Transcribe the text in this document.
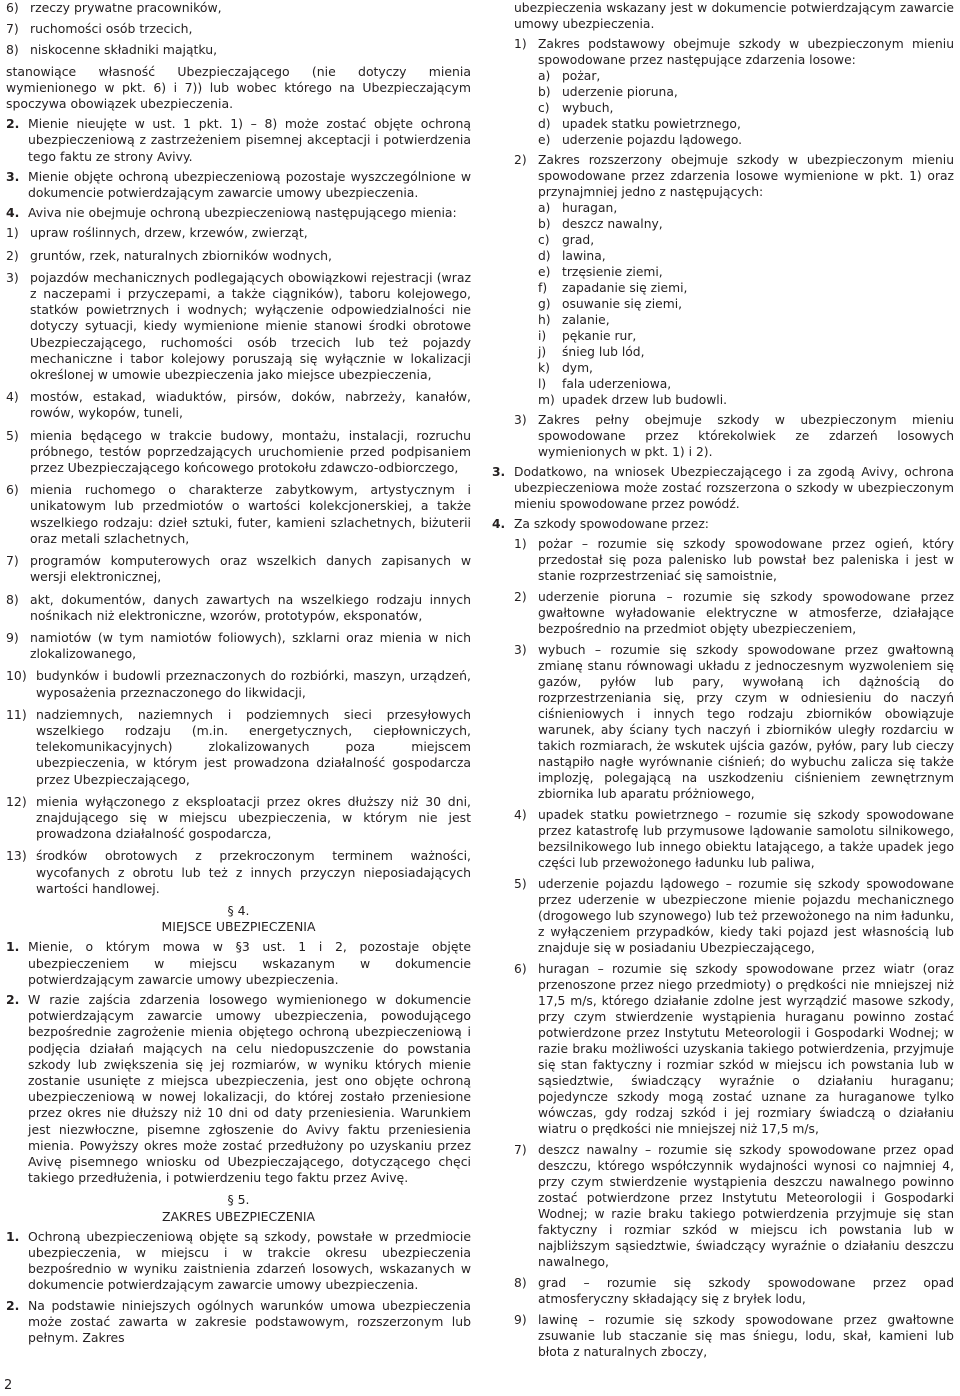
6) rzeczy prywatne pracowników,
7) ruchomości osób trzecich,
8) niskocenne składniki majątku,

stanowiące własność Ubezpieczającego (nie dotyczy mienia wymienionego w pkt. 6) i 7)) lub wobec którego na Ubezpieczającym spoczywa obowiązek ubezpieczenia.

2. Mienie nieujęte w ust. 1 pkt. 1) – 8) może zostać objęte ochroną ubezpieczeniową z zastrzeżeniem pisemnej akceptacji i potwierdzenia tego faktu ze strony Avivy.
3. Mienie objęte ochroną ubezpieczeniową pozostaje wyszczególnione w dokumencie potwierdzającym zawarcie umowy ubezpieczenia.
4. Aviva nie obejmuje ochroną ubezpieczeniową następującego mienia:
1) upraw roślinnych, drzew, krzewów, zwierząt,
2) gruntów, rzek, naturalnych zbiorników wodnych,
3) pojazdów mechanicznych podlegających obowiązkowi rejestracji (wraz z naczepami i przyczepami, a także ciągników), taboru kolejowego, statków powietrznych i wodnych; wyłączenie odpowiedzialności nie dotyczy sytuacji, kiedy wymienione mienie stanowi środki obrotowe Ubezpieczającego, ruchomości osób trzecich lub też pojazdy mechaniczne i tabor kolejowy poruszają się wyłącznie w lokalizacji określonej w umowie ubezpieczenia jako miejsce ubezpieczenia,
4) mostów, estakad, wiaduktów, pirsów, doków, nabrzeży, kanałów, rowów, wykopów, tuneli,
5) mienia będącego w trakcie budowy, montażu, instalacji, rozruchu próbnego, testów poprzedzających uruchomienie przed podpisaniem przez Ubezpieczającego końcowego protokołu zdawczo-odbiorczego,
6) mienia ruchomego o charakterze zabytkowym, artystycznym i unikatowym lub przedmiotów o wartości kolekcjonerskiej, a także wszelkiego rodzaju: dzieł sztuki, futer, kamieni szlachetnych, biżuterii oraz metali szlachetnych,
7) programów komputerowych oraz wszelkich danych zapisanych w wersji elektronicznej,
8) akt, dokumentów, danych zawartych na wszelkiego rodzaju innych nośnikach niż elektroniczne, wzorów, prototypów, eksponatów,
9) namiotów (w tym namiotów foliowych), szklarni oraz mienia w nich zlokalizowanego,
10) budynków i budowli przeznaczonych do rozbiórki, maszyn, urządzeń, wyposażenia przeznaczonego do likwidacji,
11) nadziemnych, naziemnych i podziemnych sieci przesyłowych wszelkiego rodzaju (m.in. energetycznych, ciepłowniczych, telekomunikacyjnych) zlokalizowanych poza miejscem ubezpieczenia, w którym jest prowadzona działalność gospodarcza przez Ubezpieczającego,
12) mienia wyłączonego z eksploatacji przez okres dłuższy niż 30 dni, znajdującego się w miejscu ubezpieczenia, w którym nie jest prowadzona działalność gospodarcza,
13) środków obrotowych z przekroczonym terminem ważności, wycofanych z obrotu lub też z innych przyczyn nieposiadających wartości handlowej.
§ 4.
MIEJSCE UBEZPIECZENIA
1. Mienie, o którym mowa w §3 ust. 1 i 2, pozostaje objęte ubezpieczeniem w miejscu wskazanym w dokumencie potwierdzającym zawarcie umowy ubezpieczenia.
2. W razie zajścia zdarzenia losowego wymienionego w dokumencie potwierdzającym zawarcie umowy ubezpieczenia, powodującego bezpośrednie zagrożenie mienia objętego ochroną ubezpieczeniową i podjęcia działań mających na celu niedopuszczenie do powstania szkody lub zwiększenia się jej rozmiarów, w wyniku których mienie zostanie usunięte z miejsca ubezpieczenia, jest ono objęte ochroną ubezpieczeniową w nowej lokalizacji, do której zostało przeniesione przez okres nie dłuższy niż 10 dni od daty przeniesienia. Warunkiem jest niezwłoczne, pisemne zgłoszenie do Avivy faktu przeniesienia mienia. Powyższy okres może zostać przedłużony po uzyskaniu przez Avivę pisemnego wniosku od Ubezpieczającego, dotyczącego chęci takiego przedłużenia, i potwierdzeniu tego faktu przez Avivę.
§ 5.
ZAKRES UBEZPIECZENIA
1. Ochroną ubezpieczeniową objęte są szkody, powstałe w przedmiocie ubezpieczenia, w miejscu i w trakcie okresu ubezpieczenia bezpośrednio w wyniku zaistnienia zdarzeń losowych, wskazanych w dokumencie potwierdzającym zawarcie umowy ubezpieczenia.
2. Na podstawie niniejszych ogólnych warunków umowa ubezpieczenia może zostać zawarta w zakresie podstawowym, rozszerzonym lub pełnym. Zakres

ubezpieczenia wskazany jest w dokumencie potwierdzającym zawarcie umowy ubezpieczenia.

1) Zakres podstawowy obejmuje szkody w ubezpieczonym mieniu spowodowane przez następujące zdarzenia losowe:
a) pożar,
b) uderzenie pioruna,
c) wybuch,
d) upadek statku powietrznego,
e) uderzenie pojazdu lądowego.
2) Zakres rozszerzony obejmuje szkody w ubezpieczonym mieniu spowodowane przez zdarzenia losowe wymienione w pkt. 1) oraz przynajmniej jedno z następujących:
a) huragan,
b) deszcz nawalny,
c) grad,
d) lawina,
e) trzęsienie ziemi,
f) zapadanie się ziemi,
g) osuwanie się ziemi,
h) zalanie,
i) pękanie rur,
j) śnieg lub lód,
k) dym,
l) fala uderzeniowa,
m) upadek drzew lub budowli.
3) Zakres pełny obejmuje szkody w ubezpieczonym mieniu spowodowane przez którekolwiek ze zdarzeń losowych wymienionych w pkt. 1) i 2).
3. Dodatkowo, na wniosek Ubezpieczającego i za zgodą Avivy, ochrona ubezpieczeniowa może zostać rozszerzona o szkody w ubezpieczonym mieniu spowodowane przez powódź.
4. Za szkody spowodowane przez:
1) pożar – rozumie się szkody spowodowane przez ogień, który przedostał się poza palenisko lub powstał bez paleniska i jest w stanie rozprzestrzeniać się samoistnie,
2) uderzenie pioruna – rozumie się szkody spowodowane przez gwałtowne wyładowanie elektryczne w atmosferze, działające bezpośrednio na przedmiot objęty ubezpieczeniem,
3) wybuch – rozumie się szkody spowodowane przez gwałtowną zmianę stanu równowagi układu z jednoczesnym wyzwoleniem się gazów, pyłów lub pary, wywołaną ich dążnością do rozprzestrzeniania się, przy czym w odniesieniu do naczyń ciśnieniowych i innych tego rodzaju zbiorników obowiązuje warunek, aby ściany tych naczyń i zbiorników uległy rozdarciu w takich rozmiarach, że wskutek ujścia gazów, pyłów, pary lub cieczy nastąpiło nagłe wyrównanie ciśnień; do wybuchu zalicza się także implozję, polegającą na uszkodzeniu ciśnieniem zewnętrznym zbiornika lub aparatu próżniowego,
4) upadek statku powietrznego – rozumie się szkody spowodowane przez katastrofę lub przymusowe lądowanie samolotu silnikowego, bezsilnikowego lub innego obiektu latającego, a także upadek jego części lub przewożonego ładunku lub paliwa,
5) uderzenie pojazdu lądowego – rozumie się szkody spowodowane przez uderzenie w ubezpieczone mienie pojazdu mechanicznego (drogowego lub szynowego) lub też przewożonego na nim ładunku, z wyłączeniem przypadków, kiedy taki pojazd jest własnością lub znajduje się w posiadaniu Ubezpieczającego,
6) huragan – rozumie się szkody spowodowane przez wiatr (oraz przenoszone przez niego przedmioty) o prędkości nie mniejszej niż 17,5 m/s, którego działanie zdolne jest wyrządzić masowe szkody, przy czym stwierdzenie wystąpienia huraganu powinno zostać potwierdzone przez Instytutu Meteorologii i Gospodarki Wodnej; w razie braku możliwości uzyskania takiego potwierdzenia, przyjmuje się stan faktyczny i rozmiar szkód w miejscu ich powstania lub w sąsiedztwie, świadczący wyraźnie o działaniu huraganu; pojedyncze szkody mogą zostać uznane za huraganowe tylko wówczas, gdy rodzaj szkód i jej rozmiary świadczą o działaniu wiatru o prędkości nie mniejszej niż 17,5 m/s,
7) deszcz nawalny – rozumie się szkody spowodowane przez opad deszczu, którego współczynnik wydajności wynosi co najmniej 4, przy czym stwierdzenie wystąpienia deszczu nawalnego powinno zostać potwierdzone przez Instytutu Meteorologii i Gospodarki Wodnej; w razie braku takiego potwierdzenia przyjmuje się stan faktyczny i rozmiar szkód w miejscu ich powstania lub w najbliższym sąsiedztwie, świadczący wyraźnie o działaniu deszczu nawalnego,
8) grad – rozumie się szkody spowodowane przez opad atmosferyczny składający się z bryłek lodu,
9) lawinę – rozumie się szkody spowodowane przez gwałtowne zsuwanie lub staczanie się mas śniegu, lodu, skał, kamieni lub błota z naturalnych zboczy,
2
